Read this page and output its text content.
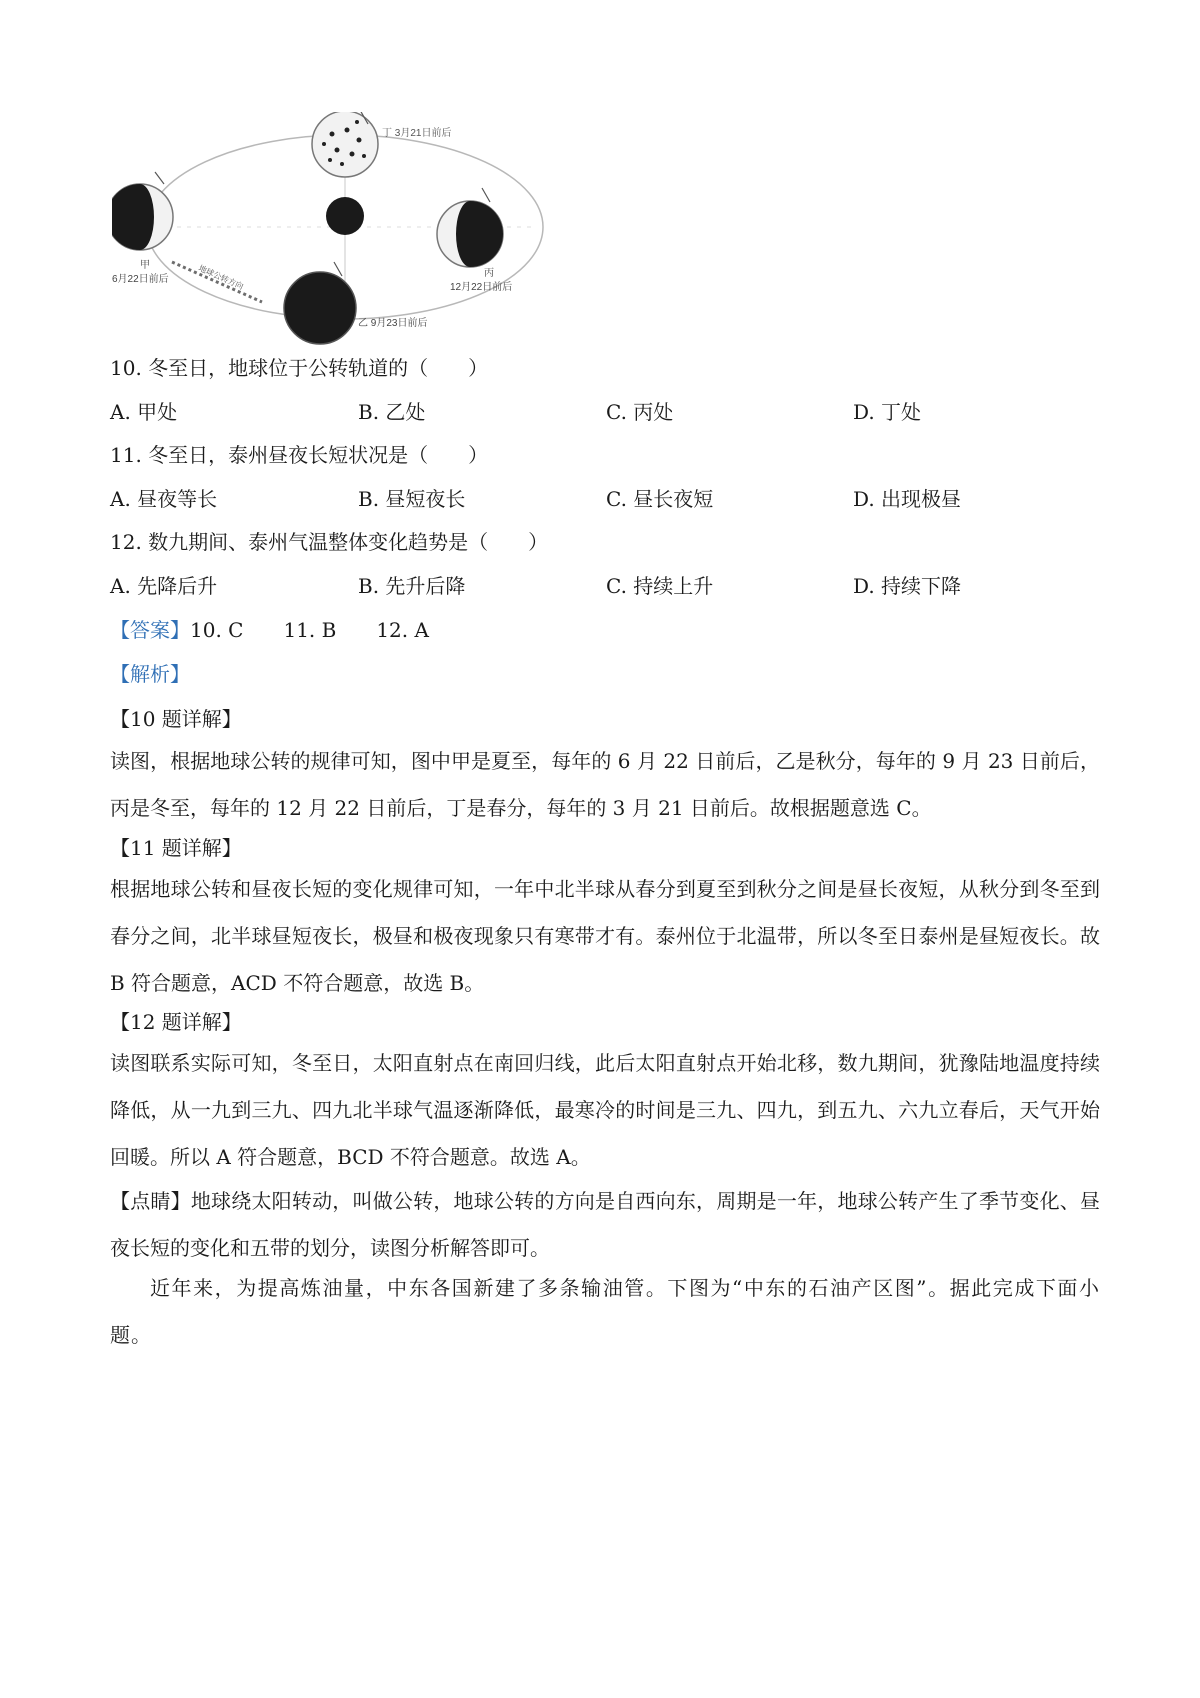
地球公转方向
丁 3月21日前后
甲
6月22日前后
丙
12月22日前后
乙 9月23日前后
10. 冬至日，地球位于公转轨道的（　　）
A. 甲处	B. 乙处	C. 丙处	D. 丁处
11. 冬至日，泰州昼夜长短状况是（　　）
A. 昼夜等长	B. 昼短夜长	C. 昼长夜短	D. 出现极昼
12. 数九期间、泰州气温整体变化趋势是（　　）
A. 先降后升	B. 先升后降	C. 持续上升	D. 持续下降
【答案】10. C　　11. B　　12. A
【解析】
【10 题详解】
读图，根据地球公转的规律可知，图中甲是夏至，每年的 6 月 22 日前后，乙是秋分，每年的 9 月 23 日前后，丙是冬至，每年的 12 月 22 日前后，丁是春分，每年的 3 月 21 日前后。故根据题意选 C。
【11 题详解】
根据地球公转和昼夜长短的变化规律可知，一年中北半球从春分到夏至到秋分之间是昼长夜短，从秋分到冬至到春分之间，北半球昼短夜长，极昼和极夜现象只有寒带才有。泰州位于北温带，所以冬至日泰州是昼短夜长。故 B 符合题意，ACD 不符合题意，故选 B。
【12 题详解】
读图联系实际可知，冬至日，太阳直射点在南回归线，此后太阳直射点开始北移，数九期间，犹豫陆地温度持续降低，从一九到三九、四九北半球气温逐渐降低，最寒冷的时间是三九、四九，到五九、六九立春后，天气开始回暖。所以 A 符合题意，BCD 不符合题意。故选 A。
【点睛】地球绕太阳转动，叫做公转，地球公转的方向是自西向东，周期是一年，地球公转产生了季节变化、昼夜长短的变化和五带的划分，读图分析解答即可。
近年来，为提高炼油量，中东各国新建了多条输油管。下图为“中东的石油产区图”。据此完成下面小题。
